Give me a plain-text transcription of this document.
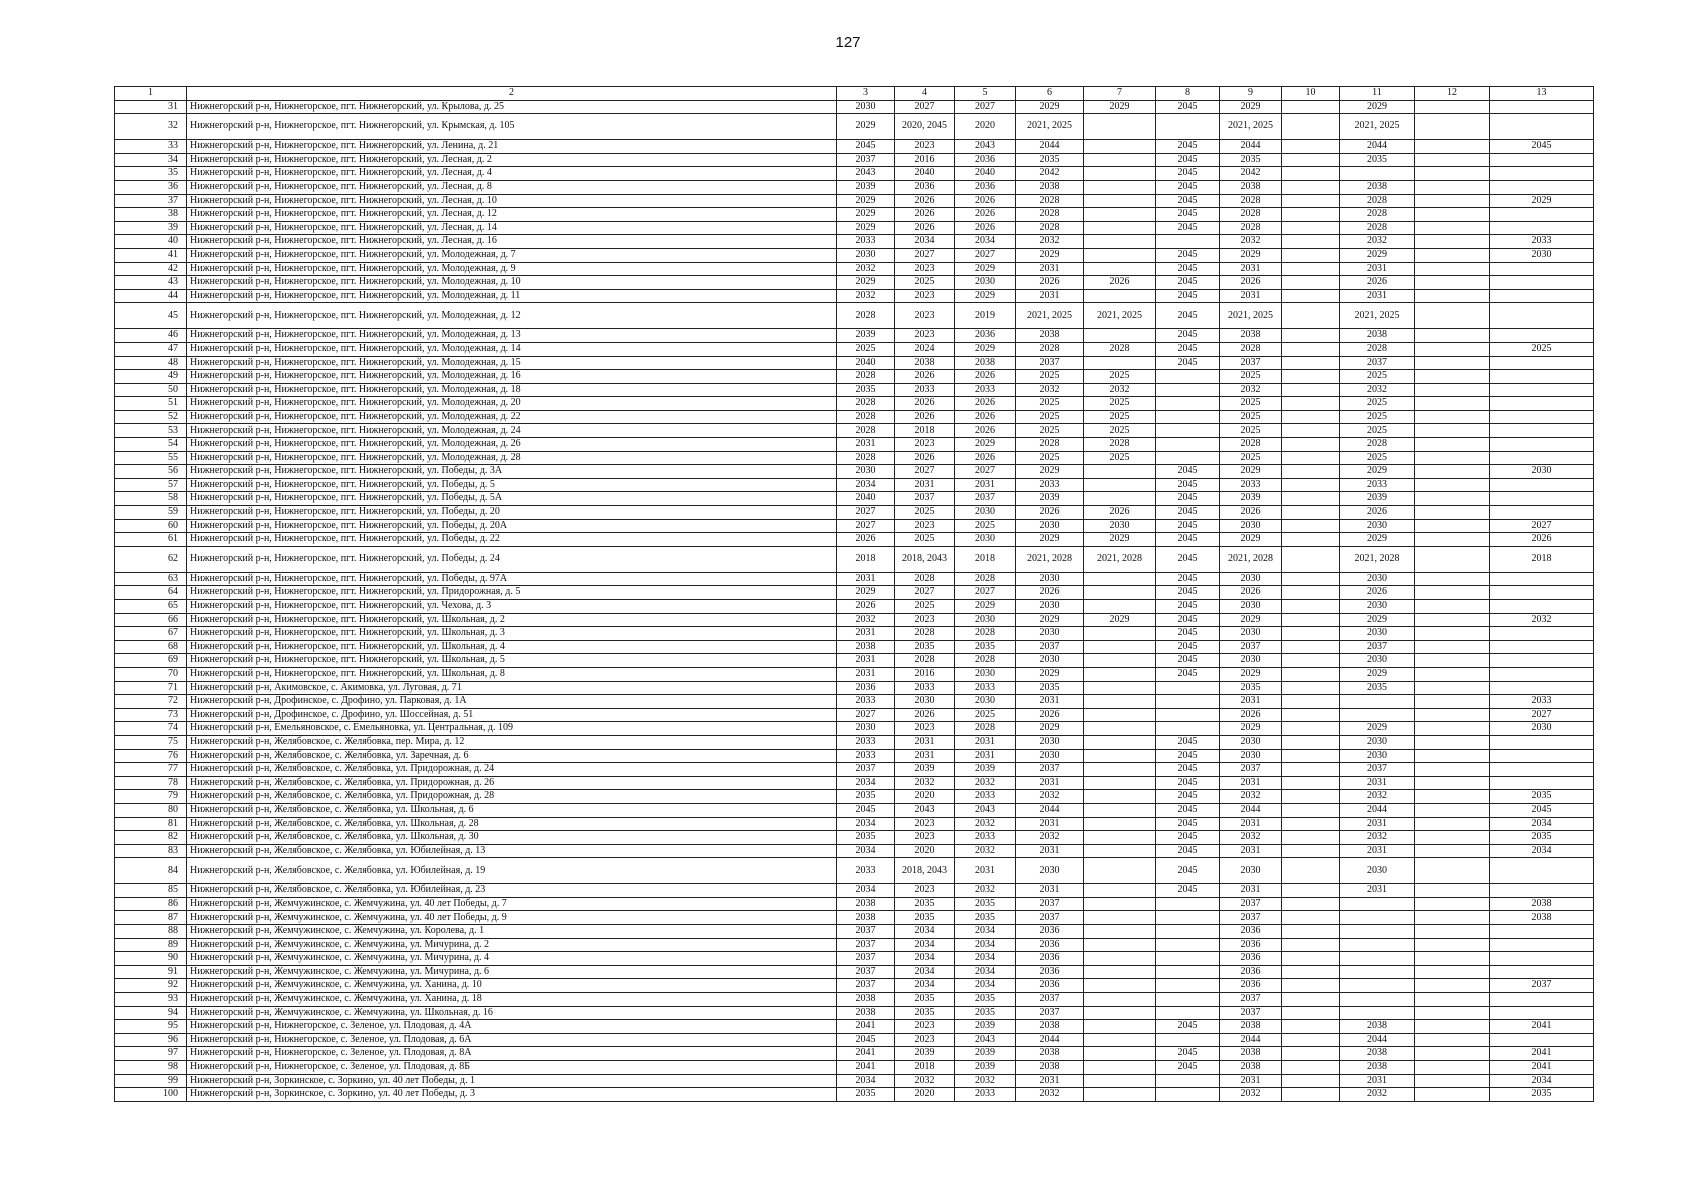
127
1	2	3	4	5	6	7	8	9	10	11	12	13
31	Нижнегорский р-н, Нижнегорское, пгт. Нижнегорский, ул. Крылова, д. 25	2030	2027	2027	2029	2029	2045	2029		2029		
32	Нижнегорский р-н, Нижнегорское, пгт. Нижнегорский, ул. Крымская, д. 105	2029	2020, 2045	2020	2021, 2025			2021, 2025		2021, 2025		
33	Нижнегорский р-н, Нижнегорское, пгт. Нижнегорский, ул. Ленина, д. 21	2045	2023	2043	2044		2045	2044		2044		2045
34	Нижнегорский р-н, Нижнегорское, пгт. Нижнегорский, ул. Лесная, д. 2	2037	2016	2036	2035		2045	2035		2035		
35	Нижнегорский р-н, Нижнегорское, пгт. Нижнегорский, ул. Лесная, д. 4	2043	2040	2040	2042		2045	2042				
36	Нижнегорский р-н, Нижнегорское, пгт. Нижнегорский, ул. Лесная, д. 8	2039	2036	2036	2038		2045	2038		2038		
37	Нижнегорский р-н, Нижнегорское, пгт. Нижнегорский, ул. Лесная, д. 10	2029	2026	2026	2028		2045	2028		2028		2029
38	Нижнегорский р-н, Нижнегорское, пгт. Нижнегорский, ул. Лесная, д. 12	2029	2026	2026	2028		2045	2028		2028		
39	Нижнегорский р-н, Нижнегорское, пгт. Нижнегорский, ул. Лесная, д. 14	2029	2026	2026	2028		2045	2028		2028		
40	Нижнегорский р-н, Нижнегорское, пгт. Нижнегорский, ул. Лесная, д. 16	2033	2034	2034	2032			2032		2032		2033
41	Нижнегорский р-н, Нижнегорское, пгт. Нижнегорский, ул. Молодежная, д. 7	2030	2027	2027	2029		2045	2029		2029		2030
42	Нижнегорский р-н, Нижнегорское, пгт. Нижнегорский, ул. Молодежная, д. 9	2032	2023	2029	2031		2045	2031		2031		
43	Нижнегорский р-н, Нижнегорское, пгт. Нижнегорский, ул. Молодежная, д. 10	2029	2025	2030	2026	2026	2045	2026		2026		
44	Нижнегорский р-н, Нижнегорское, пгт. Нижнегорский, ул. Молодежная, д. 11	2032	2023	2029	2031		2045	2031		2031		
45	Нижнегорский р-н, Нижнегорское, пгт. Нижнегорский, ул. Молодежная, д. 12	2028	2023	2019	2021, 2025	2021, 2025	2045	2021, 2025		2021, 2025		
46	Нижнегорский р-н, Нижнегорское, пгт. Нижнегорский, ул. Молодежная, д. 13	2039	2023	2036	2038		2045	2038		2038		
47	Нижнегорский р-н, Нижнегорское, пгт. Нижнегорский, ул. Молодежная, д. 14	2025	2024	2029	2028	2028	2045	2028		2028		2025
48	Нижнегорский р-н, Нижнегорское, пгт. Нижнегорский, ул. Молодежная, д. 15	2040	2038	2038	2037		2045	2037		2037		
49	Нижнегорский р-н, Нижнегорское, пгт. Нижнегорский, ул. Молодежная, д. 16	2028	2026	2026	2025	2025		2025		2025		
50	Нижнегорский р-н, Нижнегорское, пгт. Нижнегорский, ул. Молодежная, д. 18	2035	2033	2033	2032	2032		2032		2032		
51	Нижнегорский р-н, Нижнегорское, пгт. Нижнегорский, ул. Молодежная, д. 20	2028	2026	2026	2025	2025		2025		2025		
52	Нижнегорский р-н, Нижнегорское, пгт. Нижнегорский, ул. Молодежная, д. 22	2028	2026	2026	2025	2025		2025		2025		
53	Нижнегорский р-н, Нижнегорское, пгт. Нижнегорский, ул. Молодежная, д. 24	2028	2018	2026	2025	2025		2025		2025		
54	Нижнегорский р-н, Нижнегорское, пгт. Нижнегорский, ул. Молодежная, д. 26	2031	2023	2029	2028	2028		2028		2028		
55	Нижнегорский р-н, Нижнегорское, пгт. Нижнегорский, ул. Молодежная, д. 28	2028	2026	2026	2025	2025		2025		2025		
56	Нижнегорский р-н, Нижнегорское, пгт. Нижнегорский, ул. Победы, д. 3А	2030	2027	2027	2029		2045	2029		2029		2030
57	Нижнегорский р-н, Нижнегорское, пгт. Нижнегорский, ул. Победы, д. 5	2034	2031	2031	2033		2045	2033		2033		
58	Нижнегорский р-н, Нижнегорское, пгт. Нижнегорский, ул. Победы, д. 5А	2040	2037	2037	2039		2045	2039		2039		
59	Нижнегорский р-н, Нижнегорское, пгт. Нижнегорский, ул. Победы, д. 20	2027	2025	2030	2026	2026	2045	2026		2026		
60	Нижнегорский р-н, Нижнегорское, пгт. Нижнегорский, ул. Победы, д. 20А	2027	2023	2025	2030	2030	2045	2030		2030		2027
61	Нижнегорский р-н, Нижнегорское, пгт. Нижнегорский, ул. Победы, д. 22	2026	2025	2030	2029	2029	2045	2029		2029		2026
62	Нижнегорский р-н, Нижнегорское, пгт. Нижнегорский, ул. Победы, д. 24	2018	2018, 2043	2018	2021, 2028	2021, 2028	2045	2021, 2028		2021, 2028		2018
63	Нижнегорский р-н, Нижнегорское, пгт. Нижнегорский, ул. Победы, д. 97А	2031	2028	2028	2030		2045	2030		2030		
64	Нижнегорский р-н, Нижнегорское, пгт. Нижнегорский, ул. Придорожная, д. 5	2029	2027	2027	2026		2045	2026		2026		
65	Нижнегорский р-н, Нижнегорское, пгт. Нижнегорский, ул. Чехова, д. 3	2026	2025	2029	2030		2045	2030		2030		
66	Нижнегорский р-н, Нижнегорское, пгт. Нижнегорский, ул. Школьная, д. 2	2032	2023	2030	2029	2029	2045	2029		2029		2032
67	Нижнегорский р-н, Нижнегорское, пгт. Нижнегорский, ул. Школьная, д. 3	2031	2028	2028	2030		2045	2030		2030		
68	Нижнегорский р-н, Нижнегорское, пгт. Нижнегорский, ул. Школьная, д. 4	2038	2035	2035	2037		2045	2037		2037		
69	Нижнегорский р-н, Нижнегорское, пгт. Нижнегорский, ул. Школьная, д. 5	2031	2028	2028	2030		2045	2030		2030		
70	Нижнегорский р-н, Нижнегорское, пгт. Нижнегорский, ул. Школьная, д. 8	2031	2016	2030	2029		2045	2029		2029		
71	Нижнегорский р-н, Акимовское, с. Акимовка, ул. Луговая, д. 71	2036	2033	2033	2035			2035		2035		
72	Нижнегорский р-н, Дрофинское, с. Дрофино, ул. Парковая, д. 1А	2033	2030	2030	2031			2031				2033
73	Нижнегорский р-н, Дрофинское, с. Дрофино, ул. Шоссейная, д. 51	2027	2026	2025	2026			2026				2027
74	Нижнегорский р-н, Емельяновское, с. Емельяновка, ул. Центральная, д. 109	2030	2023	2028	2029			2029		2029		2030
75	Нижнегорский р-н, Желябовское, с. Желябовка, пер. Мира, д. 12	2033	2031	2031	2030		2045	2030		2030		
76	Нижнегорский р-н, Желябовское, с. Желябовка, ул. Заречная, д. 6	2033	2031	2031	2030		2045	2030		2030		
77	Нижнегорский р-н, Желябовское, с. Желябовка, ул. Придорожная, д. 24	2037	2039	2039	2037		2045	2037		2037		
78	Нижнегорский р-н, Желябовское, с. Желябовка, ул. Придорожная, д. 26	2034	2032	2032	2031		2045	2031		2031		
79	Нижнегорский р-н, Желябовское, с. Желябовка, ул. Придорожная, д. 28	2035	2020	2033	2032		2045	2032		2032		2035
80	Нижнегорский р-н, Желябовское, с. Желябовка, ул. Школьная, д. 6	2045	2043	2043	2044		2045	2044		2044		2045
81	Нижнегорский р-н, Желябовское, с. Желябовка, ул. Школьная, д. 28	2034	2023	2032	2031		2045	2031		2031		2034
82	Нижнегорский р-н, Желябовское, с. Желябовка, ул. Школьная, д. 30	2035	2023	2033	2032		2045	2032		2032		2035
83	Нижнегорский р-н, Желябовское, с. Желябовка, ул. Юбилейная, д. 13	2034	2020	2032	2031		2045	2031		2031		2034
84	Нижнегорский р-н, Желябовское, с. Желябовка, ул. Юбилейная, д. 19	2033	2018, 2043	2031	2030		2045	2030		2030		
85	Нижнегорский р-н, Желябовское, с. Желябовка, ул. Юбилейная, д. 23	2034	2023	2032	2031		2045	2031		2031		
86	Нижнегорский р-н, Жемчужинское, с. Жемчужина, ул. 40 лет Победы, д. 7	2038	2035	2035	2037			2037				2038
87	Нижнегорский р-н, Жемчужинское, с. Жемчужина, ул. 40 лет Победы, д. 9	2038	2035	2035	2037			2037				2038
88	Нижнегорский р-н, Жемчужинское, с. Жемчужина, ул. Королева, д. 1	2037	2034	2034	2036			2036				
89	Нижнегорский р-н, Жемчужинское, с. Жемчужина, ул. Мичурина, д. 2	2037	2034	2034	2036			2036				
90	Нижнегорский р-н, Жемчужинское, с. Жемчужина, ул. Мичурина, д. 4	2037	2034	2034	2036			2036				
91	Нижнегорский р-н, Жемчужинское, с. Жемчужина, ул. Мичурина, д. 6	2037	2034	2034	2036			2036				
92	Нижнегорский р-н, Жемчужинское, с. Жемчужина, ул. Ханина, д. 10	2037	2034	2034	2036			2036				2037
93	Нижнегорский р-н, Жемчужинское, с. Жемчужина, ул. Ханина, д. 18	2038	2035	2035	2037			2037				
94	Нижнегорский р-н, Жемчужинское, с. Жемчужина, ул. Школьная, д. 16	2038	2035	2035	2037			2037				
95	Нижнегорский р-н, Нижнегорское, с. Зеленое, ул. Плодовая, д. 4А	2041	2023	2039	2038		2045	2038		2038		2041
96	Нижнегорский р-н, Нижнегорское, с. Зеленое, ул. Плодовая, д. 6А	2045	2023	2043	2044			2044		2044		
97	Нижнегорский р-н, Нижнегорское, с. Зеленое, ул. Плодовая, д. 8А	2041	2039	2039	2038		2045	2038		2038		2041
98	Нижнегорский р-н, Нижнегорское, с. Зеленое, ул. Плодовая, д. 8Б	2041	2018	2039	2038		2045	2038		2038		2041
99	Нижнегорский р-н, Зоркинское, с. Зоркино, ул. 40 лет Победы, д. 1	2034	2032	2032	2031			2031		2031		2034
100	Нижнегорский р-н, Зоркинское, с. Зоркино, ул. 40 лет Победы, д. 3	2035	2020	2033	2032			2032		2032		2035
